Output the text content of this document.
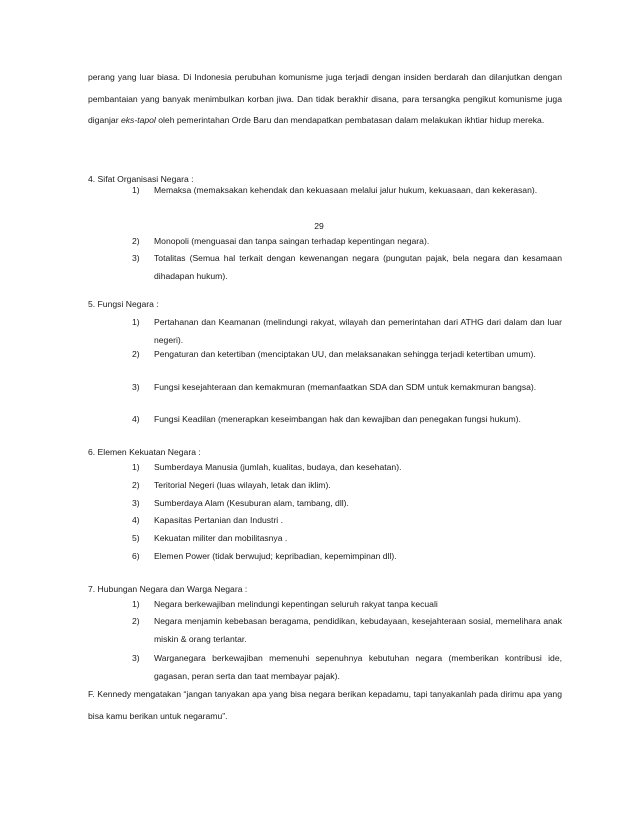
perang yang luar biasa. Di Indonesia perubuhan komunisme juga terjadi dengan insiden berdarah dan dilanjutkan dengan pembantaian yang banyak menimbulkan korban jiwa. Dan tidak berakhir disana, para tersangka pengikut komunisme juga diganjar eks-tapol oleh pemerintahan Orde Baru dan mendapatkan pembatasan dalam melakukan ikhtiar hidup mereka.

4. Sifat Organisasi Negara :
1)	Memaksa (memaksakan kehendak dan kekuasaan melalui jalur hukum, kekuasaan, dan kekerasan).
29
2)	Monopoli (menguasai dan tanpa saingan terhadap kepentingan negara).
3)	Totalitas (Semua hal terkait dengan kewenangan negara (pungutan pajak, bela negara dan kesamaan dihadapan hukum).
5. Fungsi Negara :
1)	Pertahanan dan Keamanan (melindungi rakyat, wilayah dan pemerintahan dari ATHG dari dalam dan luar negeri).
2)	Pengaturan dan ketertiban (menciptakan UU, dan melaksanakan sehingga terjadi ketertiban umum).
3)	Fungsi kesejahteraan dan kemakmuran (memanfaatkan SDA dan SDM untuk kemakmuran bangsa).
4)	Fungsi Keadilan (menerapkan keseimbangan hak dan kewajiban dan penegakan fungsi hukum).
6. Elemen Kekuatan Negara :
1)	Sumberdaya Manusia (jumlah, kualitas, budaya, dan kesehatan).
2)	Teritorial Negeri (luas wilayah, letak dan iklim).
3)	Sumberdaya Alam (Kesuburan alam, tambang, dll).
4)	Kapasitas Pertanian dan Industri .
5)	Kekuatan militer dan mobilitasnya .
6)	Elemen Power (tidak berwujud; kepribadian, kepemimpinan dll).
7. Hubungan Negara dan Warga Negara :
1)	Negara berkewajiban melindungi kepentingan seluruh rakyat tanpa kecuali
2)	Negara menjamin kebebasan beragama, pendidikan, kebudayaan, kesejahteraan sosial, memelihara anak miskin & orang terlantar.
3)	Warganegara berkewajiban memenuhi sepenuhnya kebutuhan negara (memberikan kontribusi ide, gagasan, peran serta dan taat membayar pajak).

F. Kennedy mengatakan “jangan tanyakan apa yang bisa negara berikan kepadamu, tapi tanyakanlah pada dirimu apa yang bisa kamu berikan untuk negaramu”.
